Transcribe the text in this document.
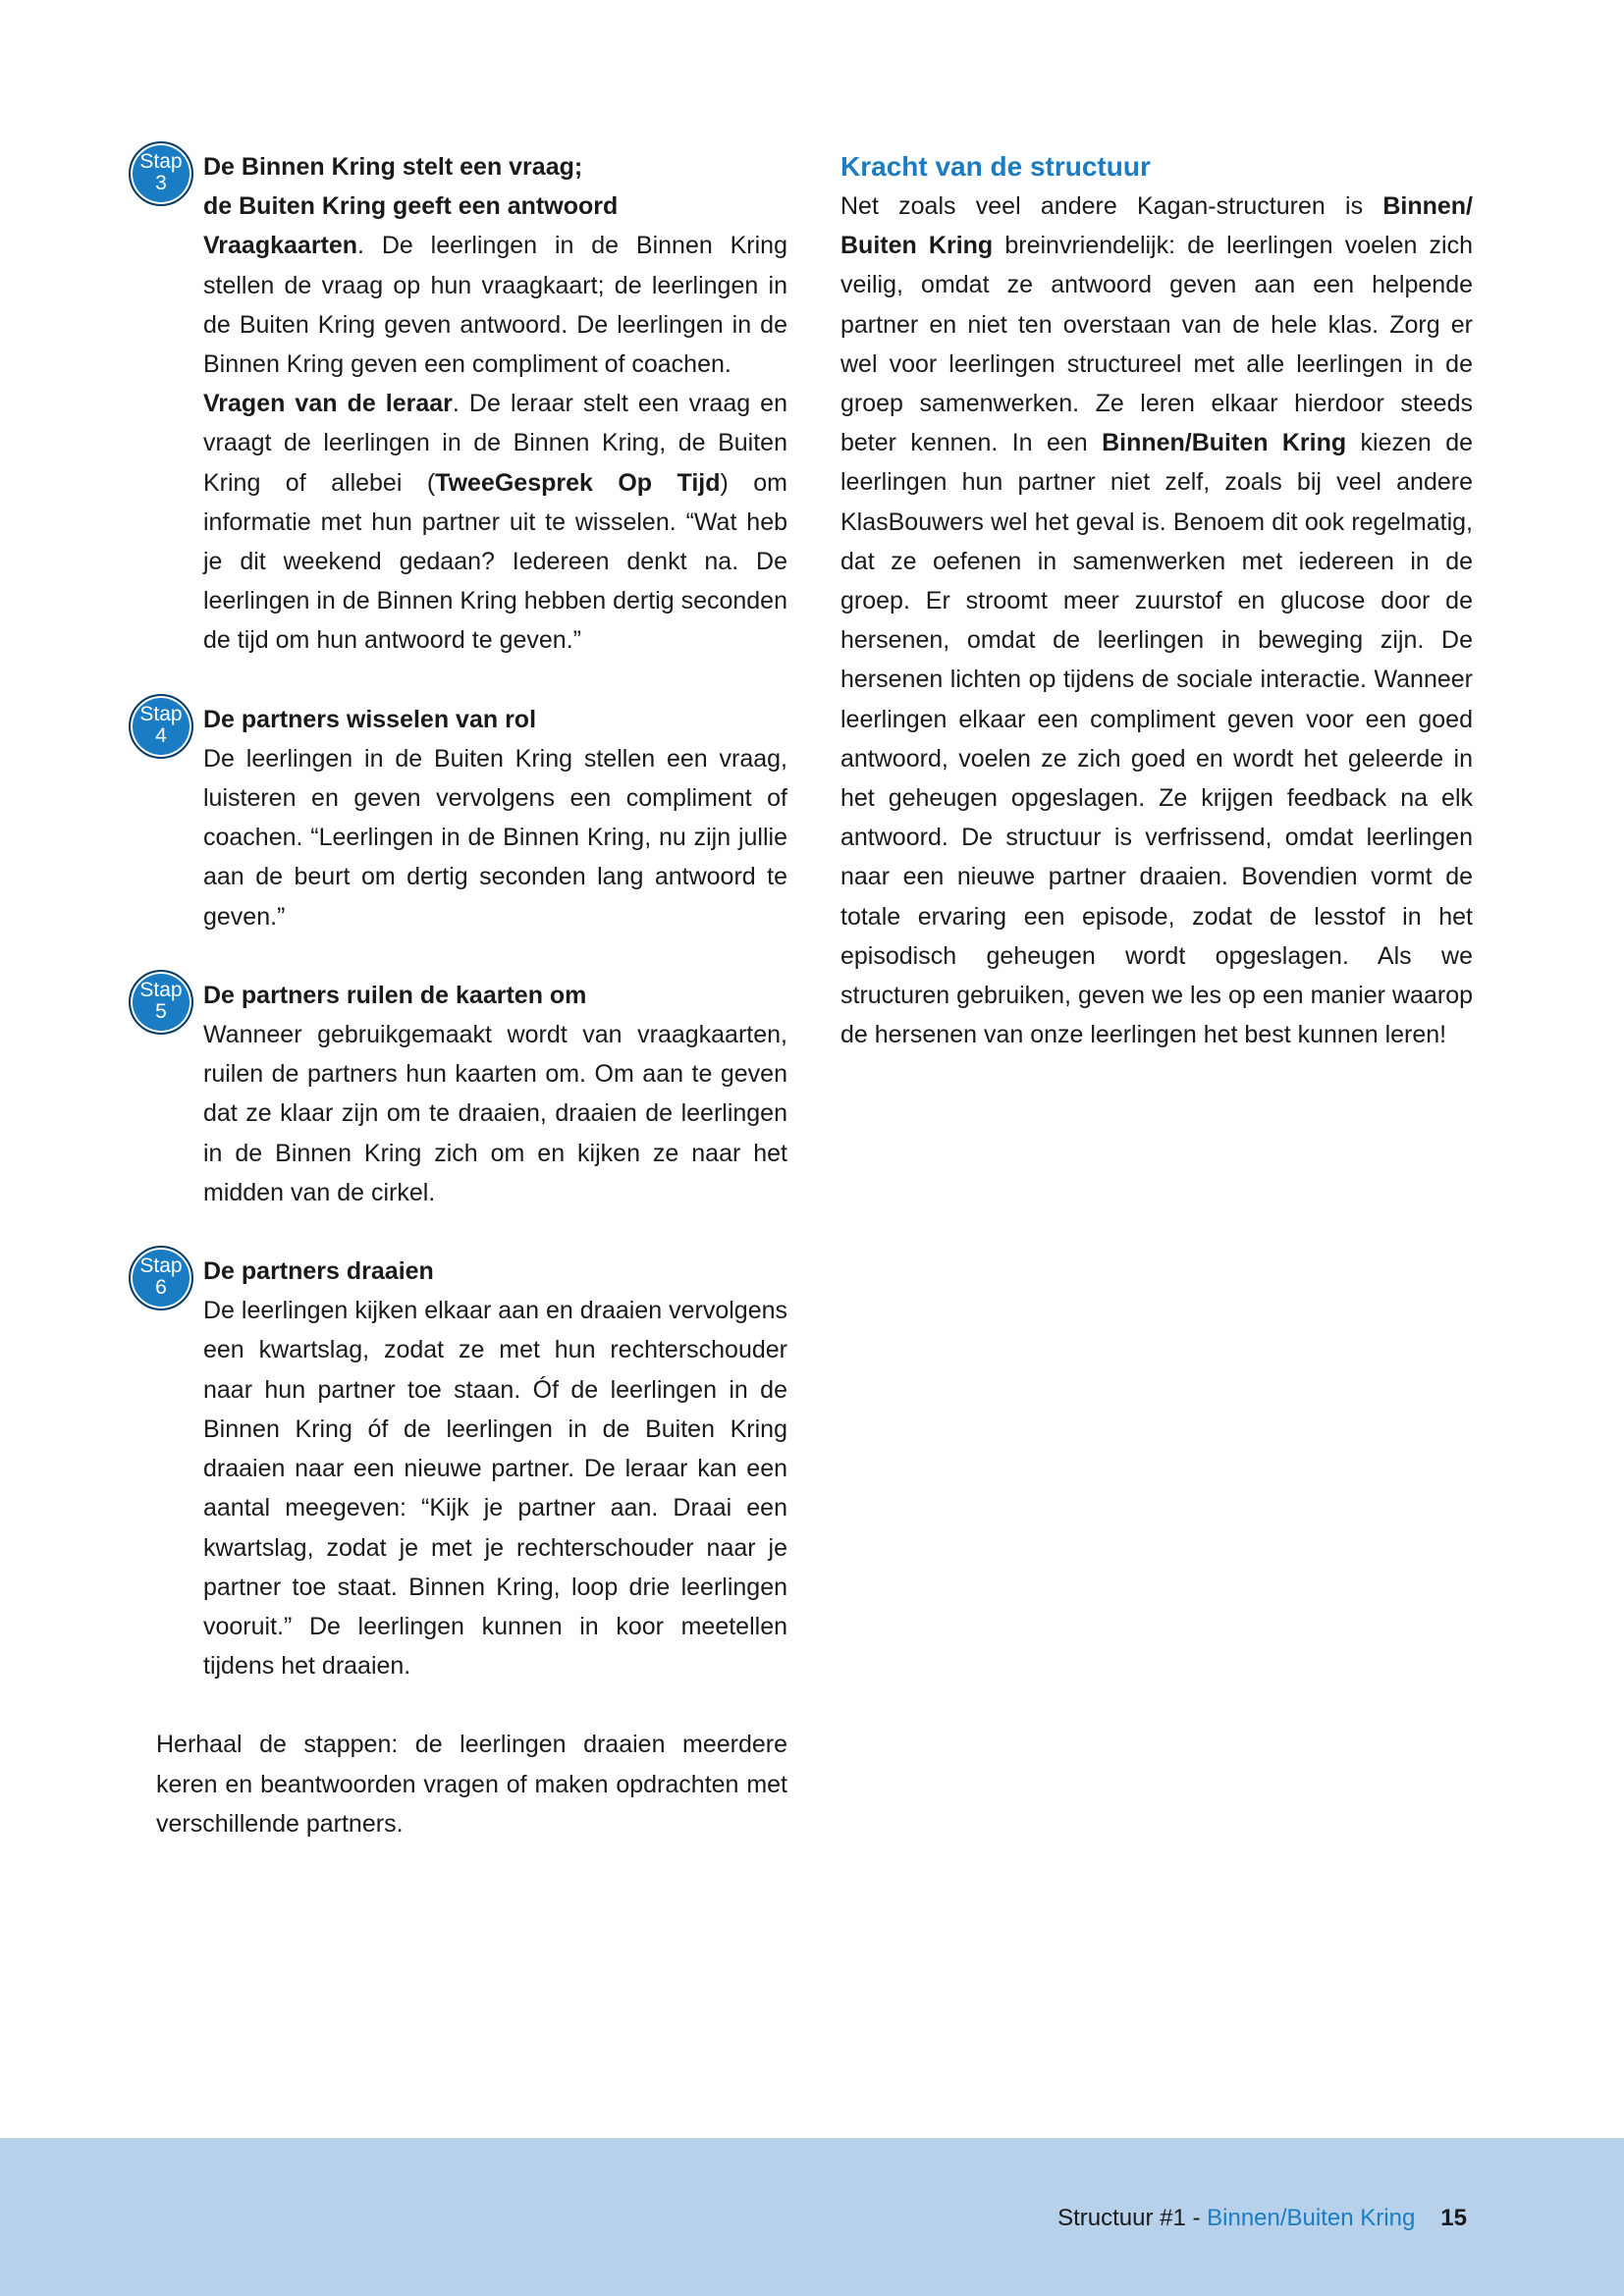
Stap
3
De Binnen Kring stelt een vraag;
de Buiten Kring geeft een antwoord

Vraagkaarten. De leerlingen in de Binnen Kring stellen de vraag op hun vraagkaart; de leerlingen in de Buiten Kring geven antwoord. De leerlingen in de Binnen Kring geven een compliment of coachen.

Vragen van de leraar. De leraar stelt een vraag en vraagt de leerlingen in de Binnen Kring, de Buiten Kring of allebei (TweeGesprek Op Tijd) om informatie met hun partner uit te wisselen. “Wat heb je dit weekend gedaan? Iedereen denkt na. De leerlingen in de Binnen Kring hebben dertig seconden de tijd om hun antwoord te geven.”

Stap
4
De partners wisselen van rol

De leerlingen in de Buiten Kring stellen een vraag, luisteren en geven vervolgens een compliment of coachen. “Leerlingen in de Binnen Kring, nu zijn jullie aan de beurt om dertig seconden lang antwoord te geven.”

Stap
5
De partners ruilen de kaarten om

Wanneer gebruikgemaakt wordt van vraagkaarten, ruilen de partners hun kaarten om. Om aan te geven dat ze klaar zijn om te draaien, draaien de leerlingen in de Binnen Kring zich om en kijken ze naar het midden van de cirkel.

Stap
6
De partners draaien

De leerlingen kijken elkaar aan en draaien vervolgens een kwartslag, zodat ze met hun rechterschouder naar hun partner toe staan. Óf de leerlingen in de Binnen Kring óf de leerlingen in de Buiten Kring draaien naar een nieuwe partner. De leraar kan een aantal meegeven: “Kijk je partner aan. Draai een kwartslag, zodat je met je rechterschouder naar je partner toe staat. Binnen Kring, loop drie leerlingen vooruit.” De leerlingen kunnen in koor meetellen tijdens het draaien.

Herhaal de stappen: de leerlingen draaien meerdere keren en beantwoorden vragen of maken opdrachten met verschillende partners.

Kracht van de structuur

Net zoals veel andere Kagan-structuren is Binnen/ Buiten Kring breinvriendelijk: de leerlingen voelen zich veilig, omdat ze antwoord geven aan een helpende partner en niet ten overstaan van de hele klas. Zorg er wel voor leerlingen structureel met alle leerlingen in de groep samenwerken. Ze leren elkaar hierdoor steeds beter kennen. In een Binnen/Buiten Kring kiezen de leerlingen hun partner niet zelf, zoals bij veel andere KlasBouwers wel het geval is. Benoem dit ook regelmatig, dat ze oefenen in samenwerken met iedereen in de groep. Er stroomt meer zuurstof en glucose door de hersenen, omdat de leerlingen in beweging zijn. De hersenen lichten op tijdens de sociale interactie. Wanneer leerlingen elkaar een compliment geven voor een goed antwoord, voelen ze zich goed en wordt het geleerde in het geheugen opgeslagen. Ze krijgen feedback na elk antwoord. De structuur is verfrissend, omdat leerlingen naar een nieuwe partner draaien. Bovendien vormt de totale ervaring een episode, zodat de lesstof in het episodisch geheugen wordt opgeslagen. Als we structuren gebruiken, geven we les op een manier waarop de hersenen van onze leerlingen het best kunnen leren!

Structuur #1 - Binnen/Buiten Kring 15
